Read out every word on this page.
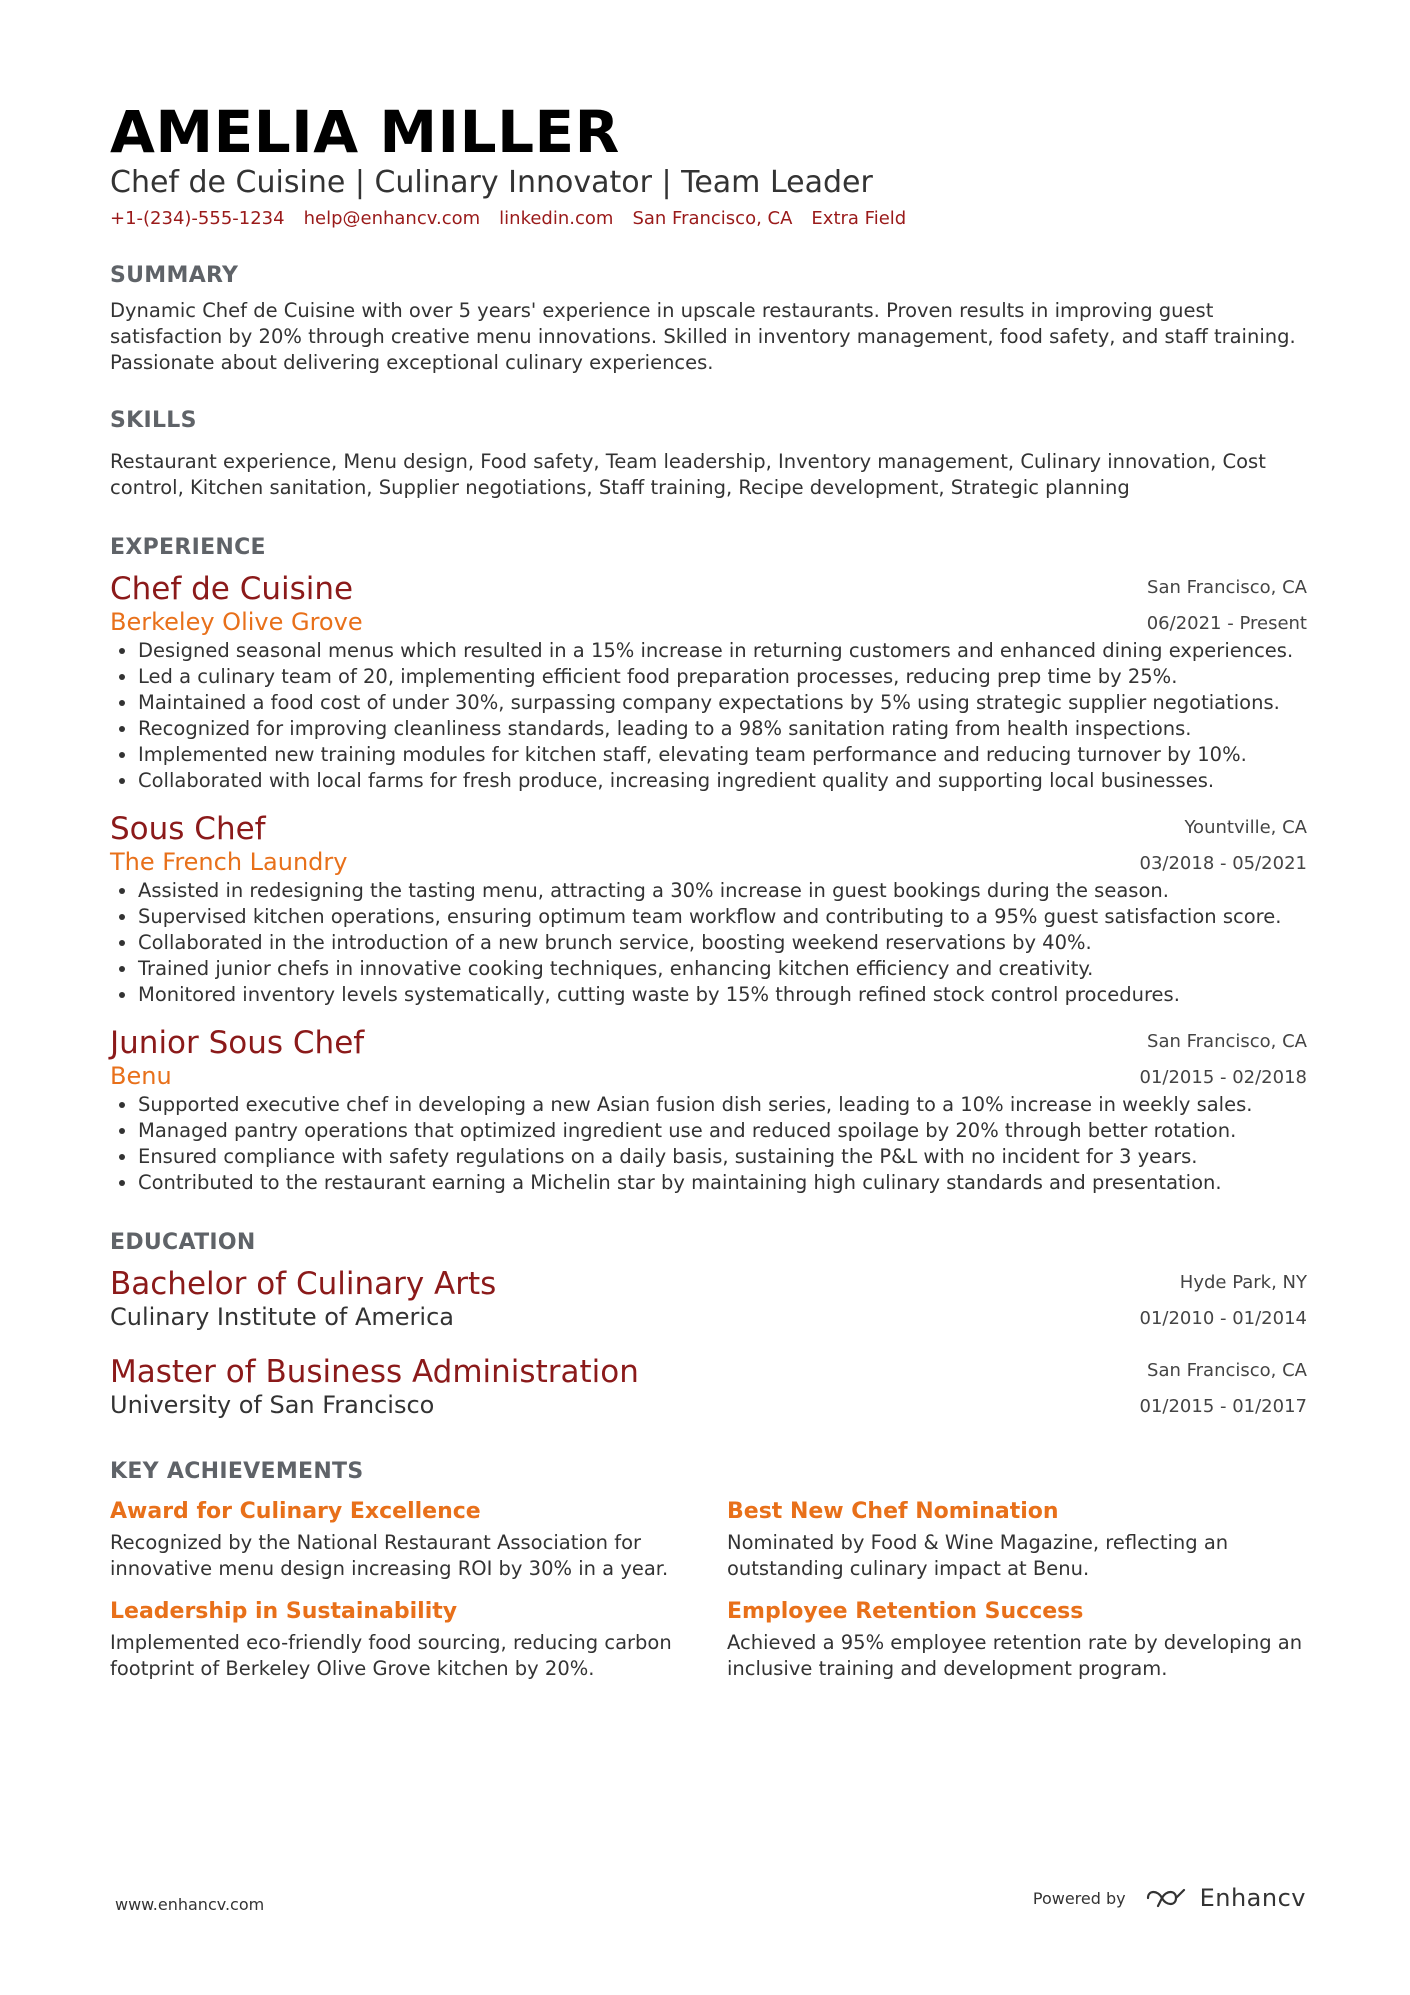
AMELIA MILLER
Chef de Cuisine | Culinary Innovator | Team Leader
+1-(234)-555-1234 help@enhancv.com linkedin.com San Francisco, CA Extra Field
SUMMARY
Dynamic Chef de Cuisine with over 5 years' experience in upscale restaurants. Proven results in improving guest satisfaction by 20% through creative menu innovations. Skilled in inventory management, food safety, and staff training. Passionate about delivering exceptional culinary experiences.
SKILLS
Restaurant experience, Menu design, Food safety, Team leadership, Inventory management, Culinary innovation, Cost control, Kitchen sanitation, Supplier negotiations, Staff training, Recipe development, Strategic planning
EXPERIENCE
Chef de Cuisine
Berkeley Olive Grove
San Francisco, CA
06/2021 - Present
• Designed seasonal menus which resulted in a 15% increase in returning customers and enhanced dining experiences.
• Led a culinary team of 20, implementing efficient food preparation processes, reducing prep time by 25%.
• Maintained a food cost of under 30%, surpassing company expectations by 5% using strategic supplier negotiations.
• Recognized for improving cleanliness standards, leading to a 98% sanitation rating from health inspections.
• Implemented new training modules for kitchen staff, elevating team performance and reducing turnover by 10%.
• Collaborated with local farms for fresh produce, increasing ingredient quality and supporting local businesses.
Sous Chef
The French Laundry
Yountville, CA
03/2018 - 05/2021
• Assisted in redesigning the tasting menu, attracting a 30% increase in guest bookings during the season.
• Supervised kitchen operations, ensuring optimum team workflow and contributing to a 95% guest satisfaction score.
• Collaborated in the introduction of a new brunch service, boosting weekend reservations by 40%.
• Trained junior chefs in innovative cooking techniques, enhancing kitchen efficiency and creativity.
• Monitored inventory levels systematically, cutting waste by 15% through refined stock control procedures.
Junior Sous Chef
Benu
San Francisco, CA
01/2015 - 02/2018
• Supported executive chef in developing a new Asian fusion dish series, leading to a 10% increase in weekly sales.
• Managed pantry operations that optimized ingredient use and reduced spoilage by 20% through better rotation.
• Ensured compliance with safety regulations on a daily basis, sustaining the P&L with no incident for 3 years.
• Contributed to the restaurant earning a Michelin star by maintaining high culinary standards and presentation.
EDUCATION
Bachelor of Culinary Arts
Culinary Institute of America
Hyde Park, NY
01/2010 - 01/2014
Master of Business Administration
University of San Francisco
San Francisco, CA
01/2015 - 01/2017
KEY ACHIEVEMENTS
Award for Culinary Excellence
Recognized by the National Restaurant Association for innovative menu design increasing ROI by 30% in a year.
Best New Chef Nomination
Nominated by Food & Wine Magazine, reflecting an outstanding culinary impact at Benu.
Leadership in Sustainability
Implemented eco-friendly food sourcing, reducing carbon footprint of Berkeley Olive Grove kitchen by 20%.
Employee Retention Success
Achieved a 95% employee retention rate by developing an inclusive training and development program.
www.enhancv.com	Powered by	Enhancv
